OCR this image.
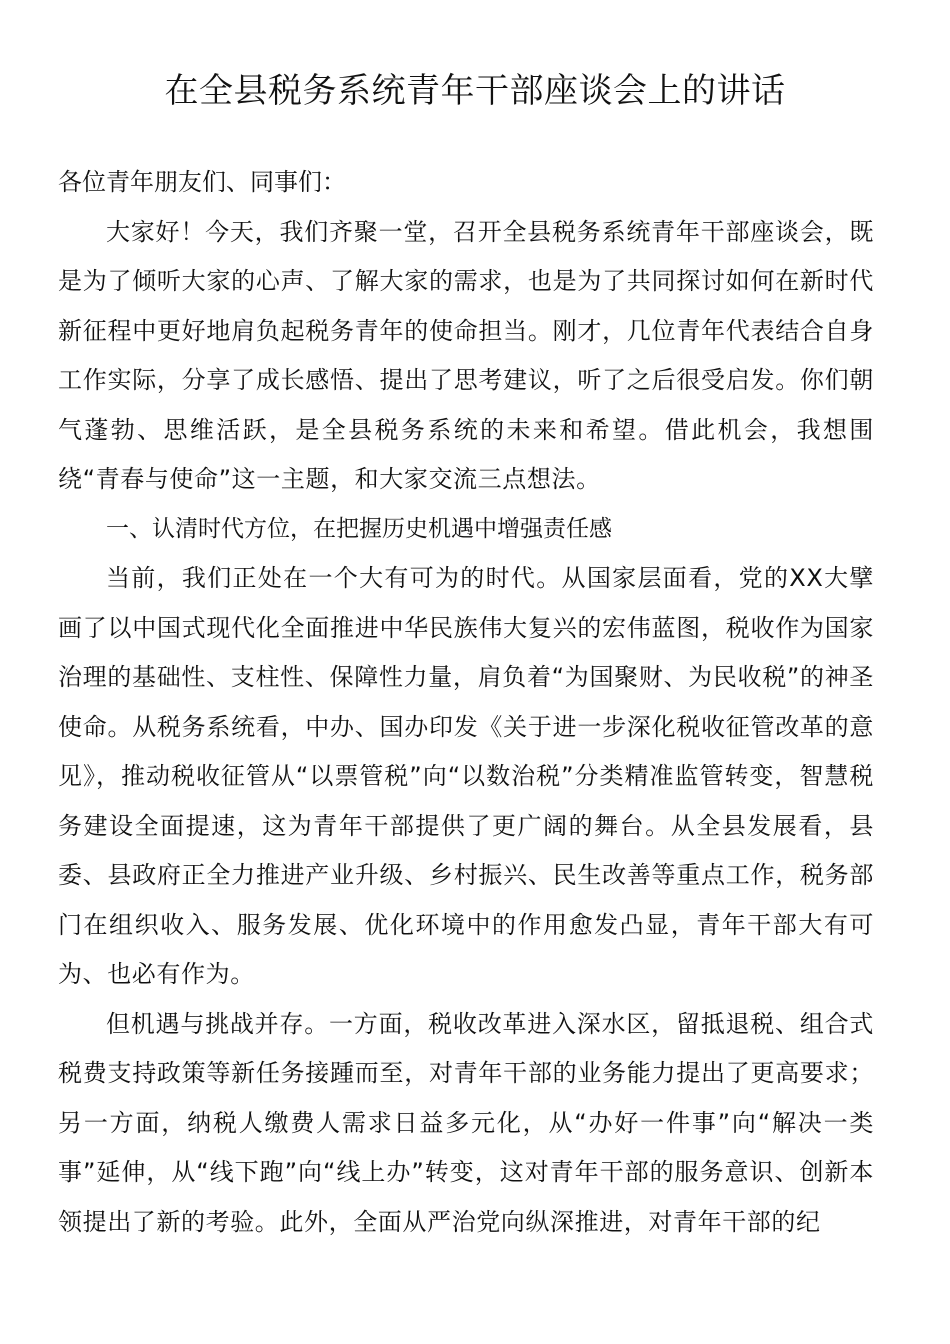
在全县税务系统青年干部座谈会上的讲话

各位青年朋友们、同事们：

大家好！今天，我们齐聚一堂，召开全县税务系统青年干部座谈会，既是为了倾听大家的心声、了解大家的需求，也是为了共同探讨如何在新时代新征程中更好地肩负起税务青年的使命担当。刚才，几位青年代表结合自身工作实际，分享了成长感悟、提出了思考建议，听了之后很受启发。你们朝气蓬勃、思维活跃，是全县税务系统的未来和希望。借此机会，我想围绕“青春与使命”这一主题，和大家交流三点想法。

一、认清时代方位，在把握历史机遇中增强责任感

当前，我们正处在一个大有可为的时代。从国家层面看，党的XX大擘画了以中国式现代化全面推进中华民族伟大复兴的宏伟蓝图，税收作为国家治理的基础性、支柱性、保障性力量，肩负着“为国聚财、为民收税”的神圣使命。从税务系统看，中办、国办印发《关于进一步深化税收征管改革的意见》，推动税收征管从“以票管税”向“以数治税”分类精准监管转变，智慧税务建设全面提速，这为青年干部提供了更广阔的舞台。从全县发展看，县委、县政府正全力推进产业升级、乡村振兴、民生改善等重点工作，税务部门在组织收入、服务发展、优化环境中的作用愈发凸显，青年干部大有可为、也必有作为。

但机遇与挑战并存。一方面，税收改革进入深水区，留抵退税、组合式税费支持政策等新任务接踵而至，对青年干部的业务能力提出了更高要求；另一方面，纳税人缴费人需求日益多元化，从“办好一件事”向“解决一类事”延伸，从“线下跑”向“线上办”转变，这对青年干部的服务意识、创新本领提出了新的考验。此外，全面从严治党向纵深推进，对青年干部的纪
